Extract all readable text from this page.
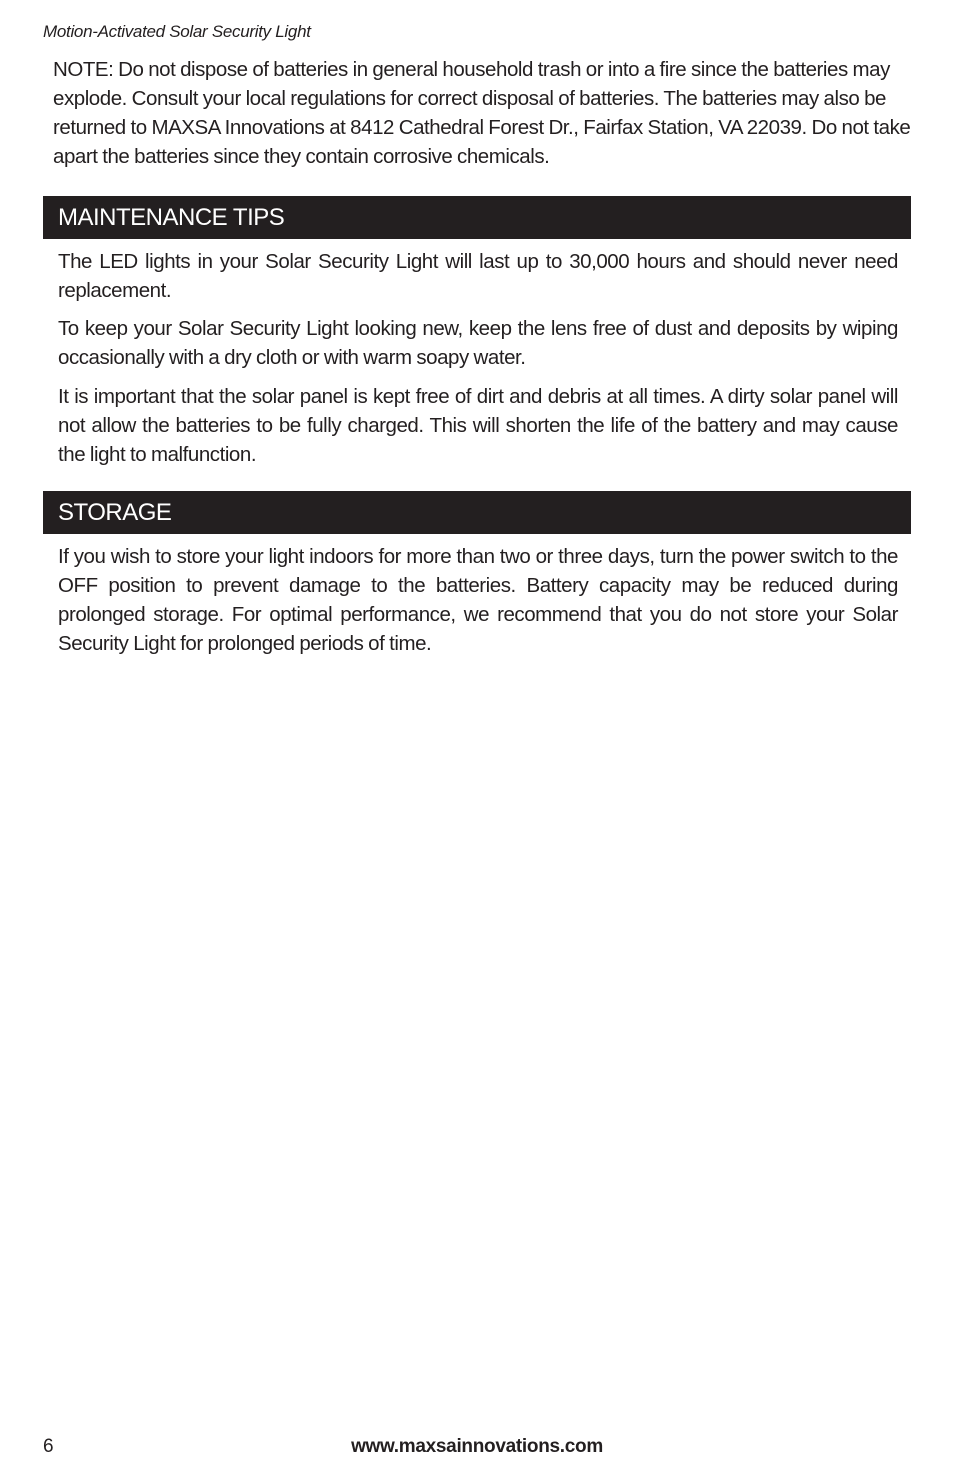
Motion-Activated Solar Security Light

NOTE: Do not dispose of batteries in general household trash or into a fire since the batteries may explode. Consult your local regulations for correct disposal of batteries. The batteries may also be returned to MAXSA Innovations at 8412 Cathedral Forest Dr., Fairfax Station, VA 22039. Do not take apart the batteries since they contain corrosive chemicals.

MAINTENANCE TIPS

The LED lights in your Solar Security Light will last up to 30,000 hours and should never need replacement.

To keep your Solar Security Light looking new, keep the lens free of dust and deposits by wiping occasionally with a dry cloth or with warm soapy water.

It is important that the solar panel is kept free of dirt and debris at all times. A dirty solar panel will not allow the batteries to be fully charged. This will shorten the life of the battery and may cause the light to malfunction.

STORAGE

If you wish to store your light indoors for more than two or three days, turn the power switch to the OFF position to prevent damage to the batteries. Battery capacity may be reduced during prolonged storage. For optimal performance, we recommend that you do not store your Solar Security Light for prolonged periods of time.

6	www.maxsainnovations.com
